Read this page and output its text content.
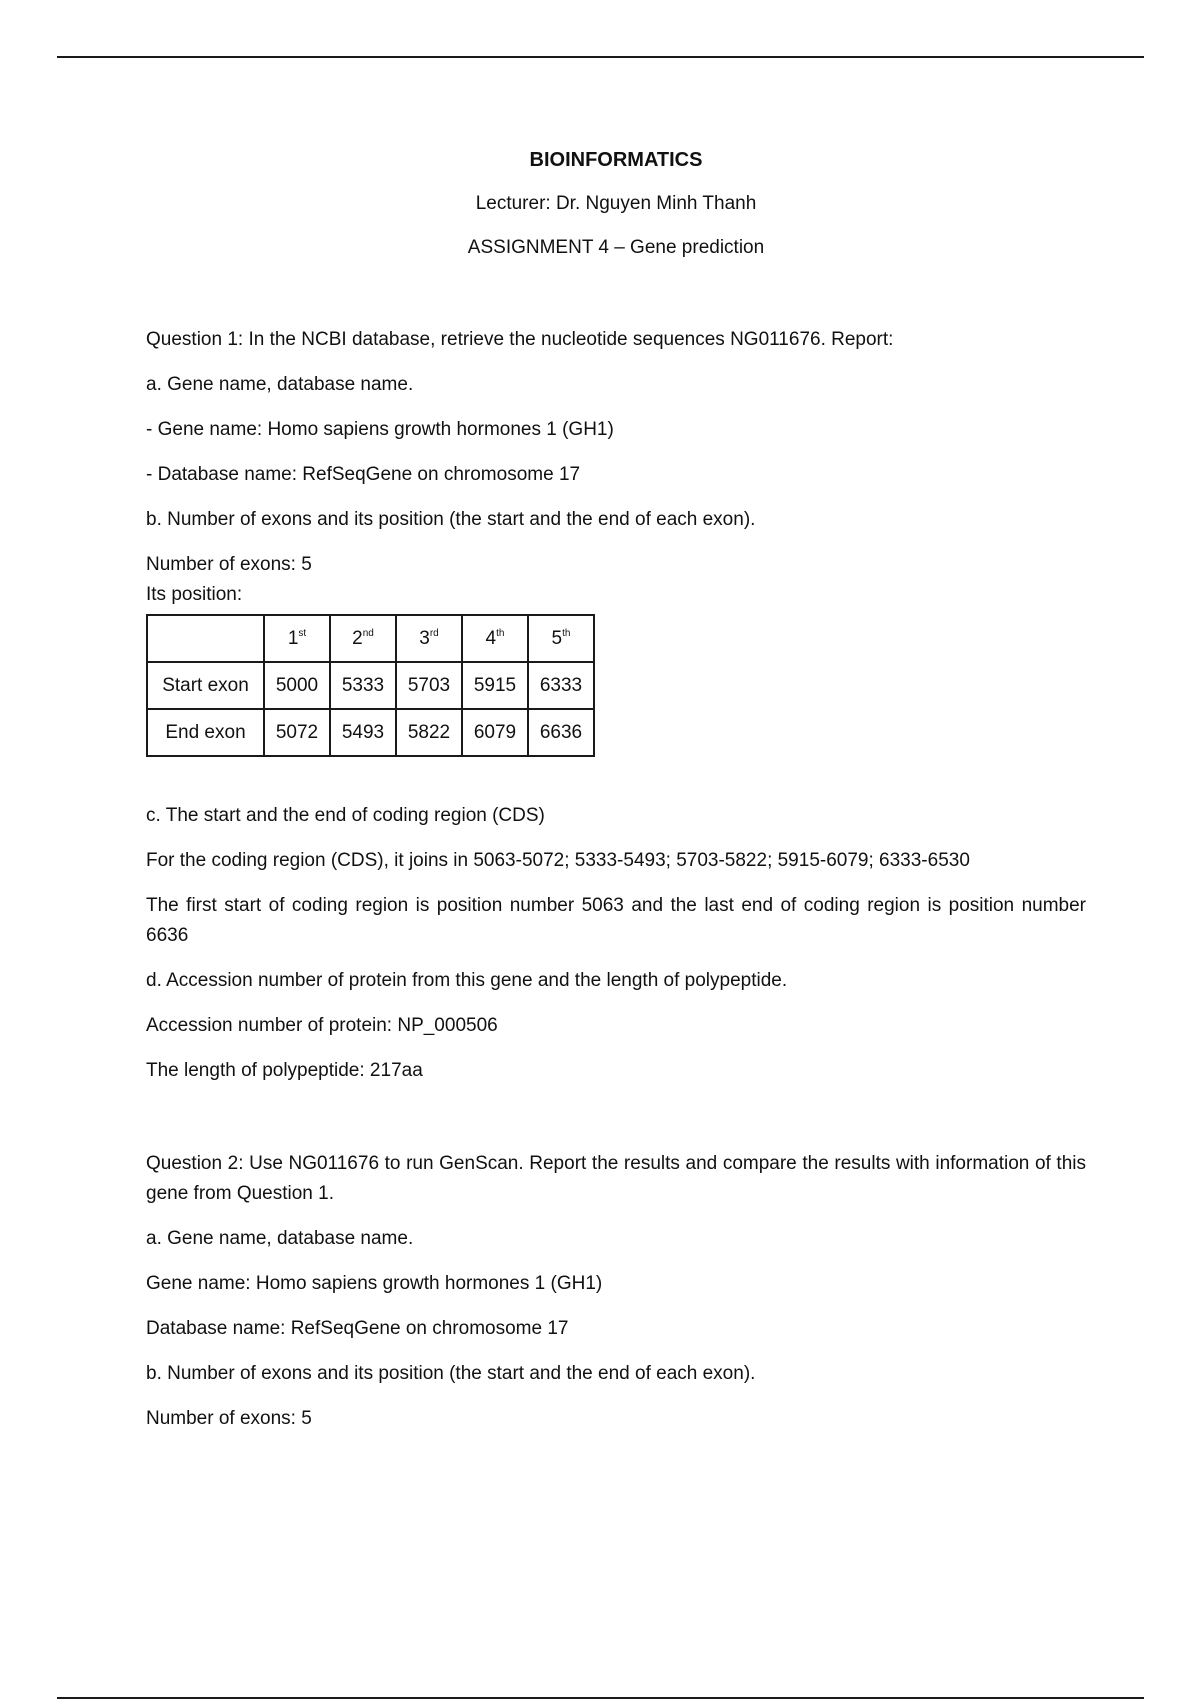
BIOINFORMATICS
Lecturer: Dr. Nguyen Minh Thanh
ASSIGNMENT 4 – Gene prediction

Question 1: In the NCBI database, retrieve the nucleotide sequences NG011676. Report:

a. Gene name, database name.

- Gene name: Homo sapiens growth hormones 1 (GH1)

- Database name: RefSeqGene on chromosome 17

b. Number of exons and its position (the start and the end of each exon).

Number of exons: 5

Its position:

	1st	2nd	3rd	4th	5th
Start exon	5000	5333	5703	5915	6333
End exon	5072	5493	5822	6079	6636

c. The start and the end of coding region (CDS)

For the coding region (CDS), it joins in 5063-5072; 5333-5493; 5703-5822; 5915-6079; 6333-6530

The first start of coding region is position number 5063 and the last end of coding region is position number 6636

d. Accession number of protein from this gene and the length of polypeptide.

Accession number of protein: NP_000506

The length of polypeptide: 217aa

Question 2: Use NG011676 to run GenScan. Report the results and compare the results with information of this gene from Question 1.

a. Gene name, database name.

Gene name: Homo sapiens growth hormones 1 (GH1)

Database name: RefSeqGene on chromosome 17

b. Number of exons and its position (the start and the end of each exon).

Number of exons: 5
